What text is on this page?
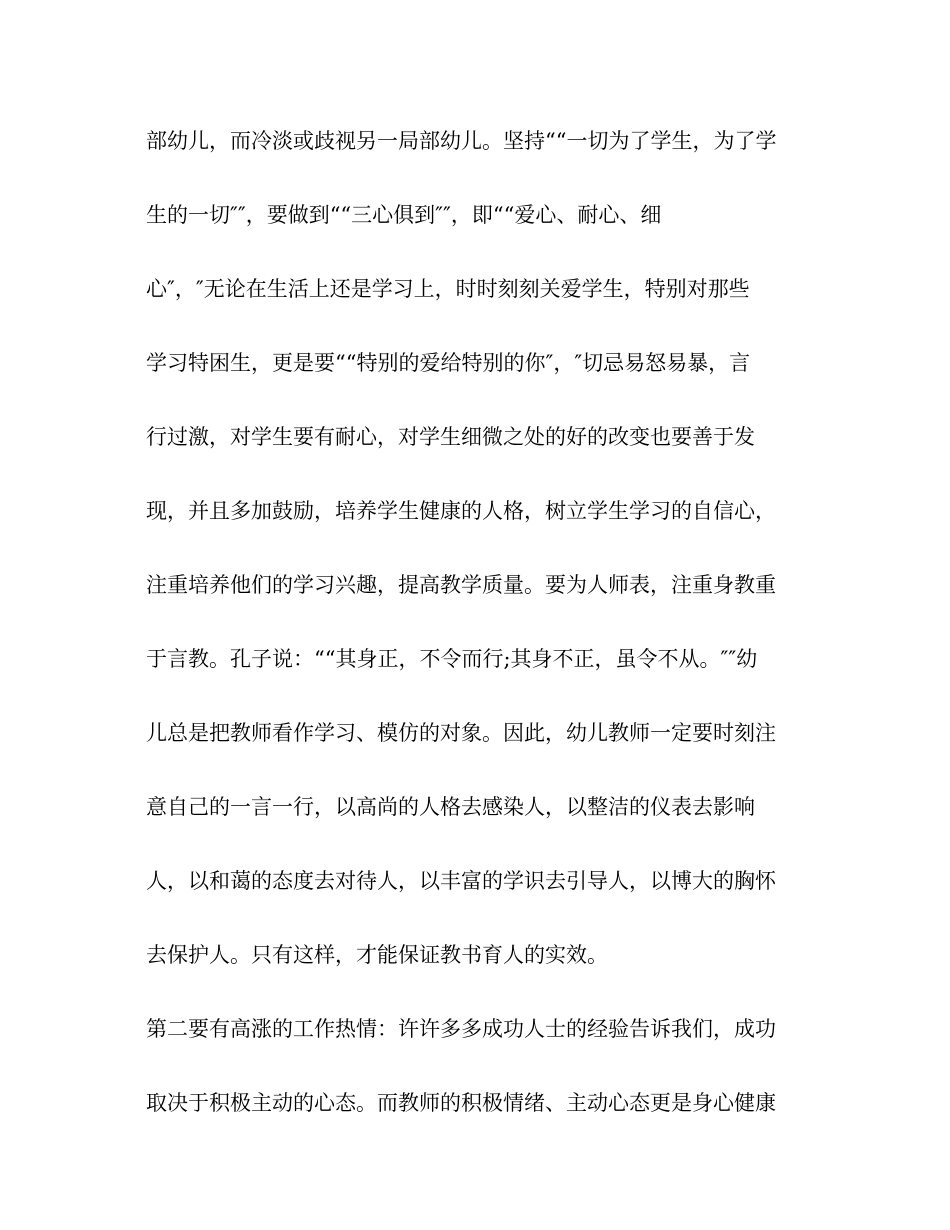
部幼儿，而冷淡或歧视另一局部幼儿。坚持““一切为了学生，为了学
生的一切″″，要做到““三心俱到″″，即““爱心、耐心、细
心″，″无论在生活上还是学习上，时时刻刻关爱学生，特别对那些
学习特困生，更是要““特别的爱给特别的你″，″切忌易怒易暴，言
行过激，对学生要有耐心，对学生细微之处的好的改变也要善于发
现，并且多加鼓励，培养学生健康的人格，树立学生学习的自信心，
注重培养他们的学习兴趣，提高教学质量。要为人师表，注重身教重
于言教。孔子说：““其身正，不令而行;其身不正，虽令不从。″″幼
儿总是把教师看作学习、模仿的对象。因此，幼儿教师一定要时刻注
意自己的一言一行，以高尚的人格去感染人，以整洁的仪表去影响
人，以和蔼的态度去对待人，以丰富的学识去引导人，以博大的胸怀
去保护人。只有这样，才能保证教书育人的实效。
第二要有高涨的工作热情：许许多多成功人士的经验告诉我们，成功
取决于积极主动的心态。而教师的积极情绪、主动心态更是身心健康
